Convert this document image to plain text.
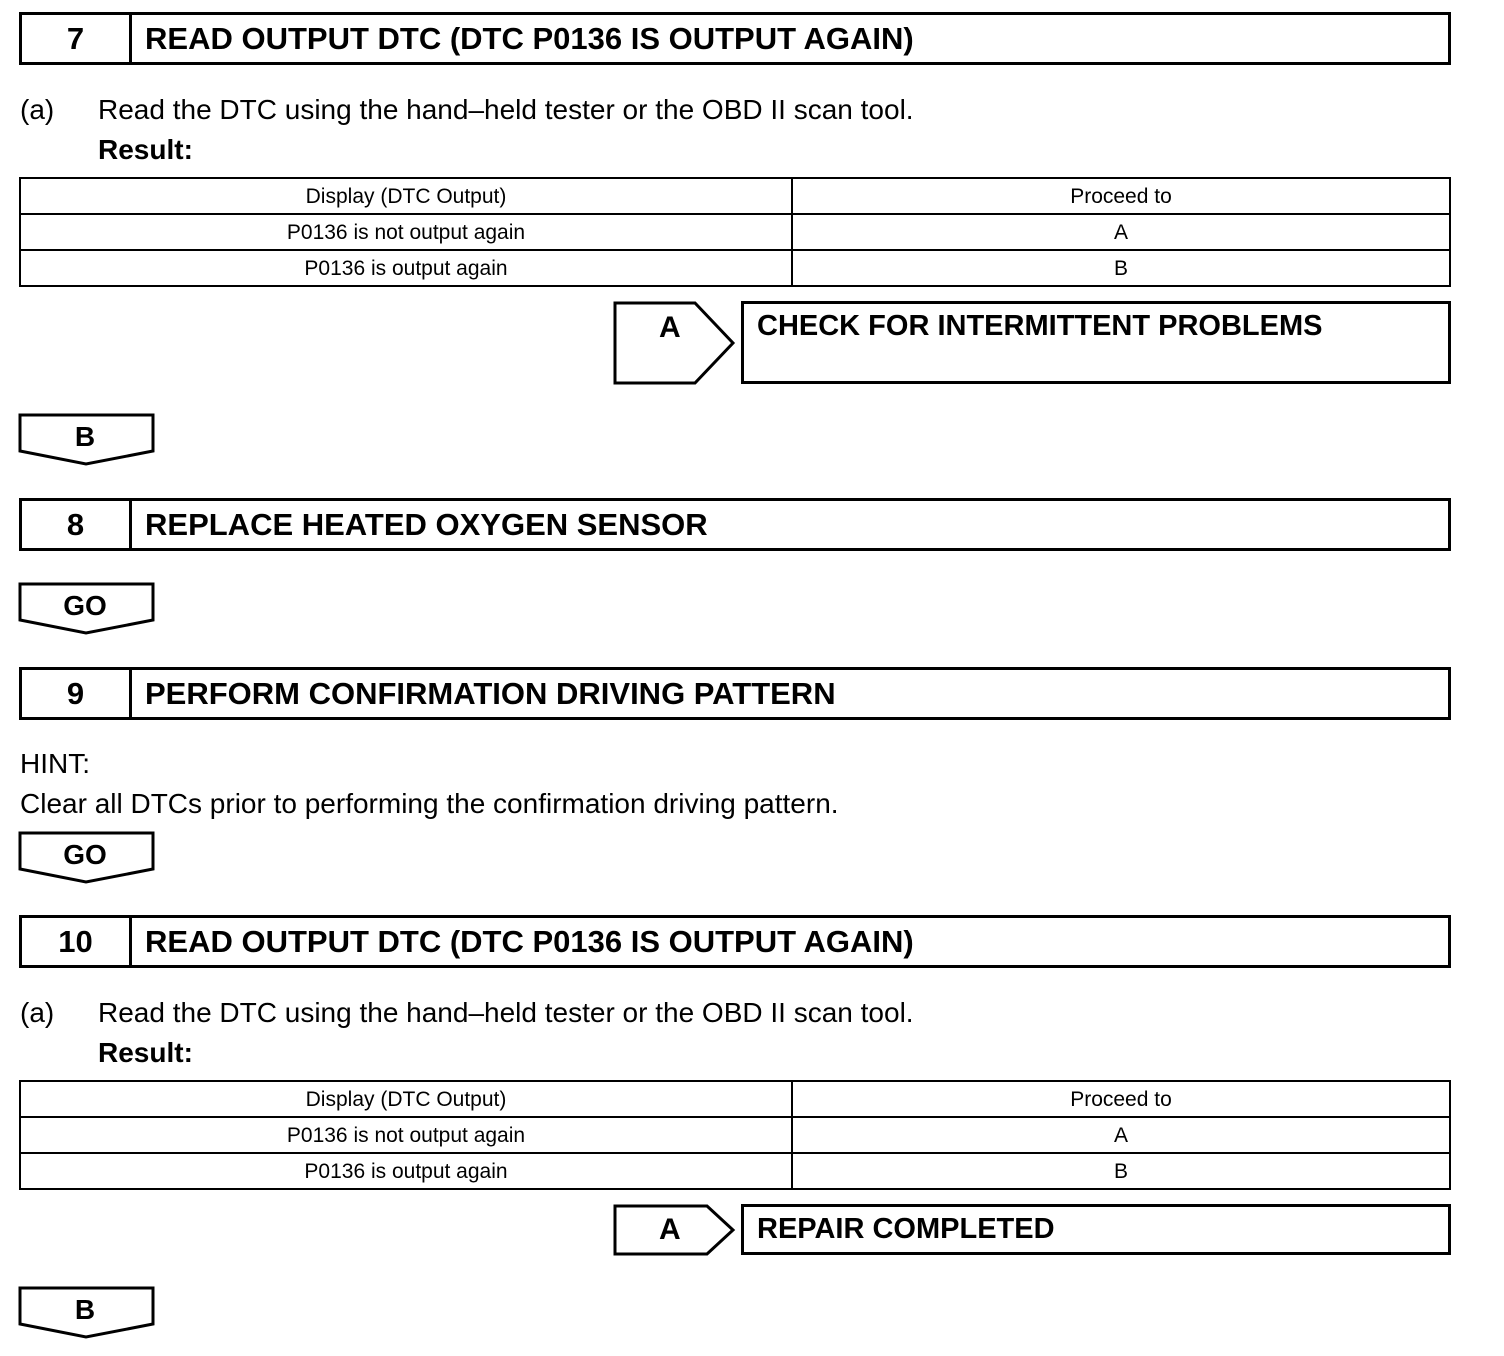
7	READ OUTPUT DTC (DTC P0136 IS OUTPUT AGAIN)
(a) Read the DTC using the hand–held tester or the OBD II scan tool.
Result:
Display (DTC Output)	Proceed to
P0136 is not output again	A
P0136 is output again	B
A	CHECK FOR INTERMITTENT PROBLEMS
B
8	REPLACE HEATED OXYGEN SENSOR
GO
9	PERFORM CONFIRMATION DRIVING PATTERN
HINT:
Clear all DTCs prior to performing the confirmation driving pattern.
GO
10	READ OUTPUT DTC (DTC P0136 IS OUTPUT AGAIN)
(a) Read the DTC using the hand–held tester or the OBD II scan tool.
Result:
Display (DTC Output)	Proceed to
P0136 is not output again	A
P0136 is output again	B
A	REPAIR COMPLETED
B
